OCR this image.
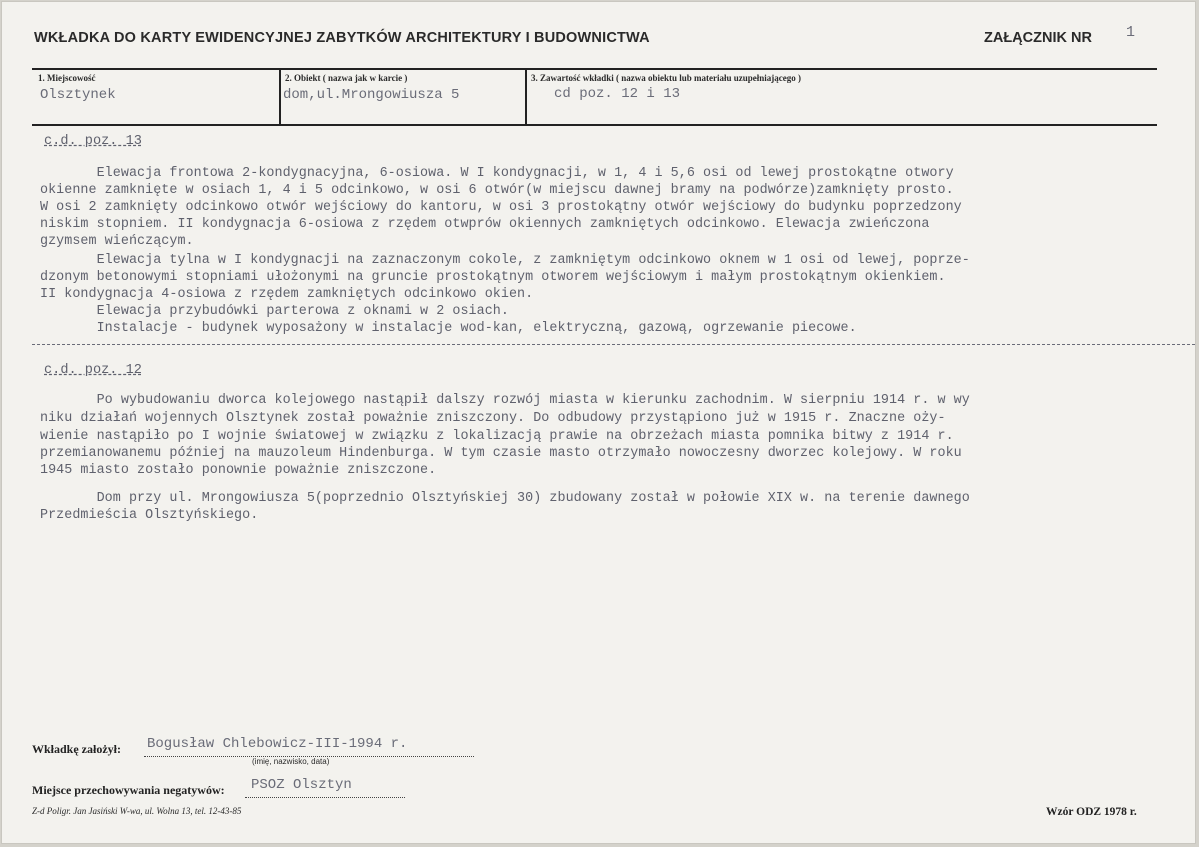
WKŁADKA DO KARTY EWIDENCYJNEJ ZABYTKÓW ARCHITEKTURY I BUDOWNICTWA	ZAŁĄCZNIK NR 1
1. Miejscowość
Olsztynek
2. Obiekt ( nazwa jak w karcie )
dom,ul.Mrongowiusza 5
3. Zawartość wkładki ( nazwa obiektu lub materiału uzupełniającego )
cd poz. 12 i 13
c.d. poz. 13
Elewacja frontowa 2-kondygnacyjna, 6-osiowa. W I kondygnacji, w 1, 4 i 5,6 osi od lewej prostokątne otwory
okienne zamknięte w osiach 1, 4 i 5 odcinkowo, w osi 6 otwór(w miejscu dawnej bramy na podwórze)zamknięty prosto.
W osi 2 zamknięty odcinkowo otwór wejściowy do kantoru, w osi 3 prostokątny otwór wejściowy do budynku poprzedzony
niskim stopniem. II kondygnacja 6-osiowa z rzędem otwprów okiennych zamkniętych odcinkowo. Elewacja zwieńczona
gzymsem wieńczącym.
Elewacja tylna w I kondygnacji na zaznaczonym cokole, z zamkniętym odcinkowo oknem w 1 osi od lewej, poprze-
dzonym betonowymi stopniami ułożonymi na gruncie prostokątnym otworem wejściowym i małym prostokątnym okienkiem.
II kondygnacja 4-osiowa z rzędem zamkniętych odcinkowo okien.
Elewacja przybudówki parterowa z oknami w 2 osiach.
Instalacje - budynek wyposażony w instalacje wod-kan, elektryczną, gazową, ogrzewanie piecowe.
c.d. poz. 12
Po wybudowaniu dworca kolejowego nastąpił dalszy rozwój miasta w kierunku zachodnim. W sierpniu 1914 r. w wy
niku działań wojennych Olsztynek został poważnie zniszczony. Do odbudowy przystąpiono już w 1915 r. Znaczne oży-
wienie nastąpiło po I wojnie światowej w związku z lokalizacją prawie na obrzeżach miasta pomnika bitwy z 1914 r.
przemianowanemu później na mauzoleum Hindenburga. W tym czasie masto otrzymało nowoczesny dworzec kolejowy. W roku
1945 miasto zostało ponownie poważnie zniszczone.
Dom przy ul. Mrongowiusza 5(poprzednio Olsztyńskiej 30) zbudowany został w połowie XIX w. na terenie dawnego
Przedmieścia Olsztyńskiego.
Wkładkę założył: Bogusław Chlebowicz-III-1994 r.
(imię, nazwisko, data)
Miejsce przechowywania negatywów: PSOZ Olsztyn
Z-d Poligr. Jan Jasiński W-wa, ul. Wolna 13, tel. 12-43-85	Wzór ODZ 1978 r.
